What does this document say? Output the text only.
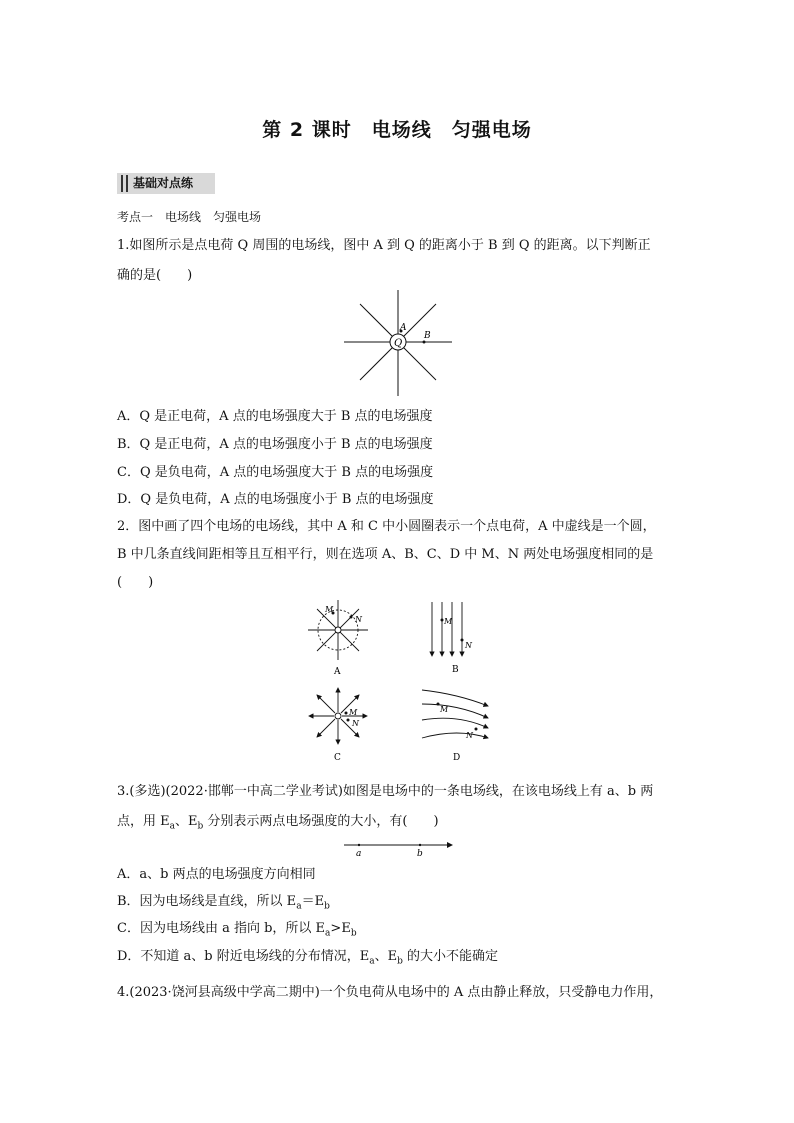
第 2 课时　电场线　匀强电场
基础对点练
考点一　电场线　匀强电场
1.如图所示是点电荷 Q 周围的电场线，图中 A 到 Q 的距离小于 B 到 Q 的距离。以下判断正
确的是(　　)
Q
A
B
A．Q 是正电荷，A 点的电场强度大于 B 点的电场强度
B．Q 是正电荷，A 点的电场强度小于 B 点的电场强度
C．Q 是负电荷，A 点的电场强度大于 B 点的电场强度
D．Q 是负电荷，A 点的电场强度小于 B 点的电场强度
2．图中画了四个电场的电场线，其中 A 和 C 中小圆圈表示一个点电荷，A 中虚线是一个圆，
B 中几条直线间距相等且互相平行，则在选项 A、B、C、D 中 M、N 两处电场强度相同的是
(　　)
M
N
A
M
N
B
M
N
C
M
N
D
3.(多选)(2022·邯郸一中高二学业考试)如图是电场中的一条电场线，在该电场线上有 a、b 两
点，用 $E_a$、$E_b$ 分别表示两点电场强度的大小，有(　　)
a	b
A．a、b 两点的电场强度方向相同
B．因为电场线是直线，所以 $E_a=E_b$
C．因为电场线由 a 指向 b，所以 $E_a>E_b$
D．不知道 a、b 附近电场线的分布情况，$E_a$、$E_b$ 的大小不能确定
4.(2023·饶河县高级中学高二期中)一个负电荷从电场中的 A 点由静止释放，只受静电力作用，
